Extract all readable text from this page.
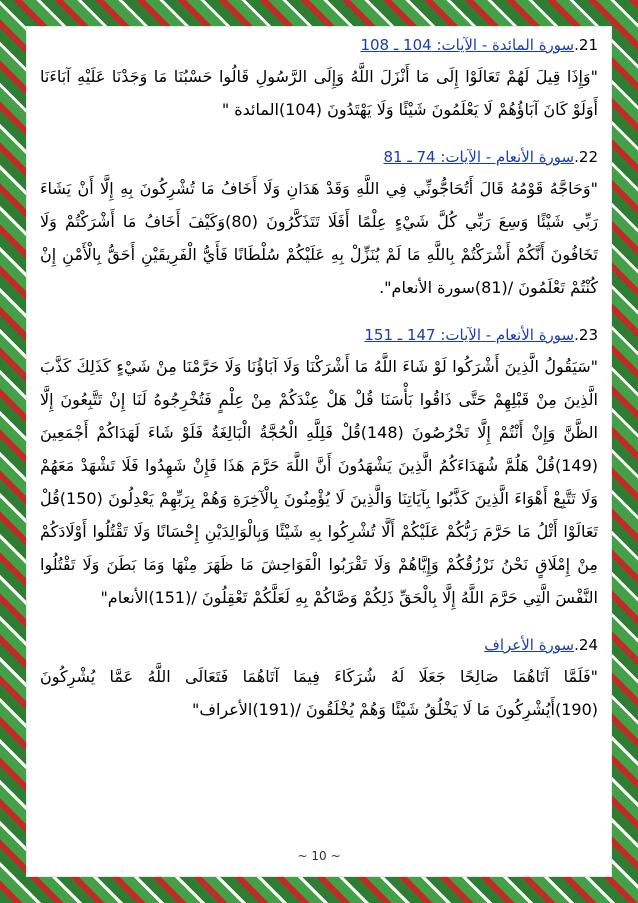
21.سورة المائدة - الآيات: 104 ـ 108

"وَإِذَا قِيلَ لَهُمْ تَعَالَوْا إِلَى مَا أَنْزَلَ اللَّهُ وَإِلَى الرَّسُولِ قَالُوا حَسْبُنَا مَا وَجَدْنَا عَلَيْهِ آبَاءَنَا أَوَلَوْ كَانَ آبَاؤُهُمْ لَا يَعْلَمُونَ شَيْئًا وَلَا يَهْتَدُونَ (104)المائدة "

22.سورة الأنعام - الآيات: 74 ـ 81

"وَحَاجَّهُ قَوْمُهُ قَالَ أَتُحَاجُّونِّي فِي اللَّهِ وَقَدْ هَدَانِ وَلَا أَخَافُ مَا تُشْرِكُونَ بِهِ إِلَّا أَنْ يَشَاءَ رَبِّي شَيْئًا وَسِعَ رَبِّي كُلَّ شَيْءٍ عِلْمًا أَفَلَا تَتَذَكَّرُونَ (80)وَكَيْفَ أَخَافُ مَا أَشْرَكْتُمْ وَلَا تَخَافُونَ أَنَّكُمْ أَشْرَكْتُمْ بِاللَّهِ مَا لَمْ يُنَزِّلْ بِهِ عَلَيْكُمْ سُلْطَانًا فَأَيُّ الْفَرِيقَيْنِ أَحَقُّ بِالْأَمْنِ إِنْ كُنْتُمْ تَعْلَمُونَ /(81)سورة الأنعام".

23.سورة الأنعام - الآيات: 147 ـ 151

"سَيَقُولُ الَّذِينَ أَشْرَكُوا لَوْ شَاءَ اللَّهُ مَا أَشْرَكْنَا وَلَا آبَاؤُنَا وَلَا حَرَّمْنَا مِنْ شَيْءٍ كَذَلِكَ كَذَّبَ الَّذِينَ مِنْ قَبْلِهِمْ حَتَّى ذَاقُوا بَأْسَنَا قُلْ هَلْ عِنْدَكُمْ مِنْ عِلْمٍ فَتُخْرِجُوهُ لَنَا إِنْ تَتَّبِعُونَ إِلَّا الظَّنَّ وَإِنْ أَنْتُمْ إِلَّا تَخْرُصُونَ (148)قُلْ فَلِلَّهِ الْحُجَّةُ الْبَالِغَةُ فَلَوْ شَاءَ لَهَدَاكُمْ أَجْمَعِينَ (149)قُلْ هَلُمَّ شُهَدَاءَكُمُ الَّذِينَ يَشْهَدُونَ أَنَّ اللَّهَ حَرَّمَ هَذَا فَإِنْ شَهِدُوا فَلَا تَشْهَدْ مَعَهُمْ وَلَا تَتَّبِعْ أَهْوَاءَ الَّذِينَ كَذَّبُوا بِآيَاتِنَا وَالَّذِينَ لَا يُؤْمِنُونَ بِالْآخِرَةِ وَهُمْ بِرَبِّهِمْ يَعْدِلُونَ (150)قُلْ تَعَالَوْا أَتْلُ مَا حَرَّمَ رَبُّكُمْ عَلَيْكُمْ أَلَّا تُشْرِكُوا بِهِ شَيْئًا وَبِالْوَالِدَيْنِ إِحْسَانًا وَلَا تَقْتُلُوا أَوْلَادَكُمْ مِنْ إِمْلَاقٍ نَحْنُ نَرْزُقُكُمْ وَإِيَّاهُمْ وَلَا تَقْرَبُوا الْفَوَاحِشَ مَا ظَهَرَ مِنْهَا وَمَا بَطَنَ وَلَا تَقْتُلُوا النَّفْسَ الَّتِي حَرَّمَ اللَّهُ إِلَّا بِالْحَقِّ ذَلِكُمْ وَصَّاكُمْ بِهِ لَعَلَّكُمْ تَعْقِلُونَ /(151)الأنعام"

24.سورة الأعراف

"فَلَمَّا آتَاهُمَا صَالِحًا جَعَلَا لَهُ شُرَكَاءَ فِيمَا آتَاهُمَا فَتَعَالَى اللَّهُ عَمَّا يُشْرِكُونَ (190)أَيُشْرِكُونَ مَا لَا يَخْلُقُ شَيْئًا وَهُمْ يُخْلَقُونَ /(191)الأعراف"

~ 10 ~
